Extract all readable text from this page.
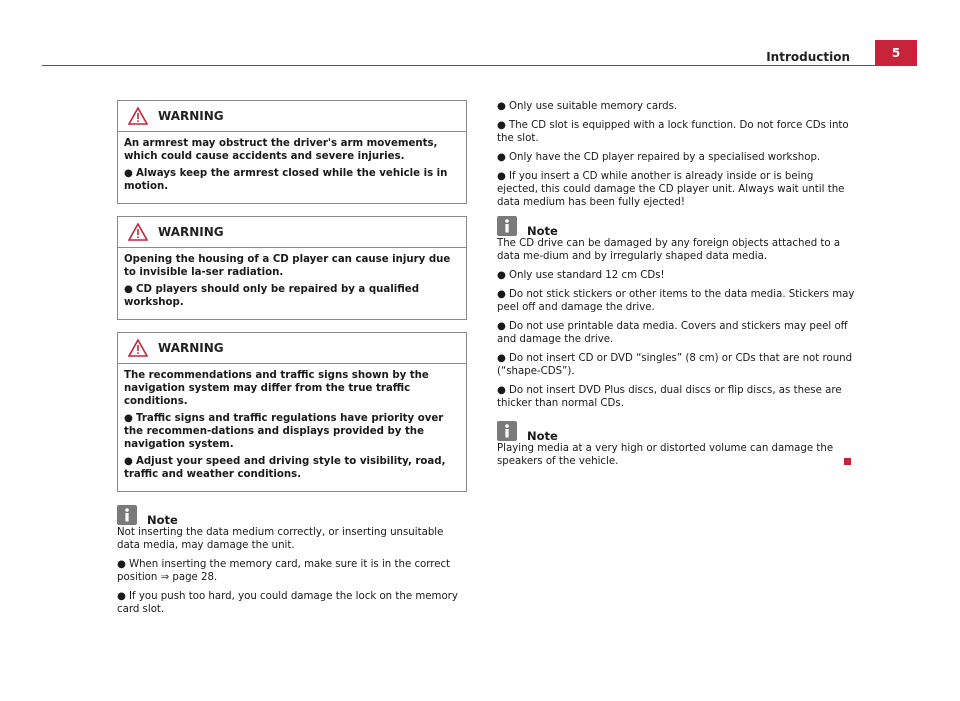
Introduction	5
WARNING

An armrest may obstruct the driver's arm movements, which could cause accidents and severe injuries.

● Always keep the armrest closed while the vehicle is in motion.

WARNING

Opening the housing of a CD player can cause injury due to invisible la-ser radiation.

● CD players should only be repaired by a qualified workshop.

WARNING

The recommendations and traffic signs shown by the navigation system may differ from the true traffic conditions.

● Traffic signs and traffic regulations have priority over the recommen-dations and displays provided by the navigation system.

● Adjust your speed and driving style to visibility, road, traffic and weather conditions.

Note

Not inserting the data medium correctly, or inserting unsuitable data media, may damage the unit.

● When inserting the memory card, make sure it is in the correct position ⇒ page 28.

● If you push too hard, you could damage the lock on the memory card slot.

● Only use suitable memory cards.

● The CD slot is equipped with a lock function. Do not force CDs into the slot.

● Only have the CD player repaired by a specialised workshop.

● If you insert a CD while another is already inside or is being ejected, this could damage the CD player unit. Always wait until the data medium has been fully ejected!

Note

The CD drive can be damaged by any foreign objects attached to a data me-dium and by irregularly shaped data media.

● Only use standard 12 cm CDs!

● Do not stick stickers or other items to the data media. Stickers may peel off and damage the drive.

● Do not use printable data media. Covers and stickers may peel off and damage the drive.

● Do not insert CD or DVD “singles” (8 cm) or CDs that are not round (“shape-CDS”).

● Do not insert DVD Plus discs, dual discs or flip discs, as these are thicker than normal CDs.

Note

Playing media at a very high or distorted volume can damage the speakers of the vehicle.
